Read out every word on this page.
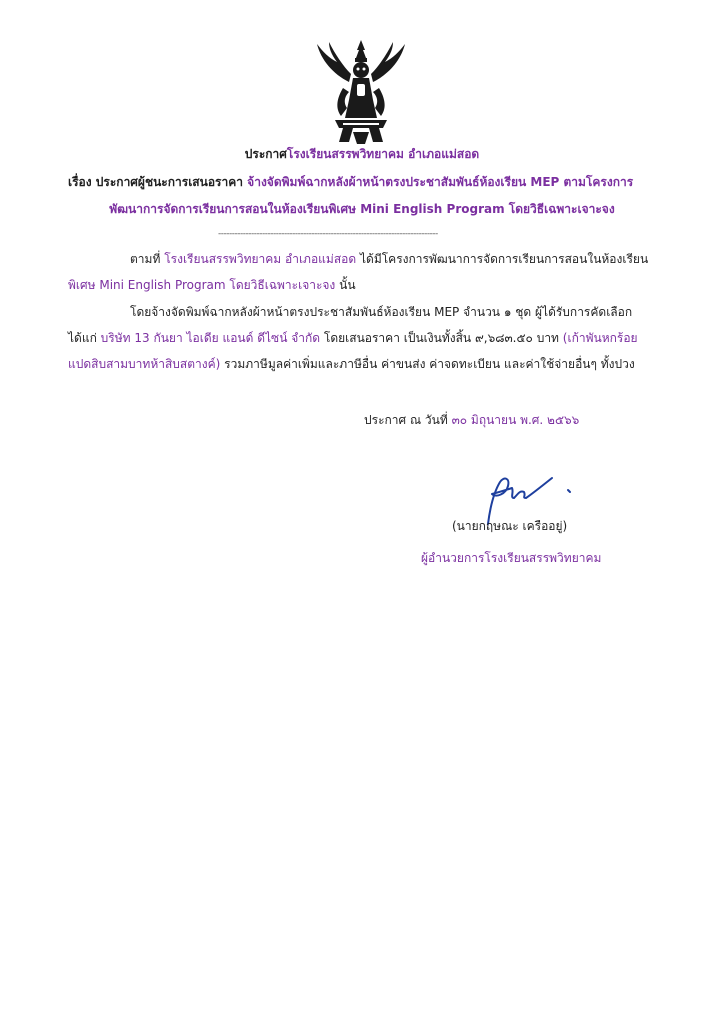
ประกาศโรงเรียนสรรพวิทยาคม อำเภอแม่สอด
เรื่อง ประกาศผู้ชนะการเสนอราคา จ้างจัดพิมพ์ฉากหลังผ้าหน้าตรงประชาสัมพันธ์ห้องเรียน MEP ตามโครงการ
พัฒนาการจัดการเรียนการสอนในห้องเรียนพิเศษ Mini English Program โดยวิธีเฉพาะเจาะจง
--------------------------------------------------------------------------------
ตามที่ โรงเรียนสรรพวิทยาคม อำเภอแม่สอด ได้มีโครงการพัฒนาการจัดการเรียนการสอนในห้องเรียน
พิเศษ Mini English Program โดยวิธีเฉพาะเจาะจง นั้น
โดยจ้างจัดพิมพ์ฉากหลังผ้าหน้าตรงประชาสัมพันธ์ห้องเรียน MEP จำนวน ๑ ชุด ผู้ได้รับการคัดเลือก
ได้แก่ บริษัท 13 กันยา ไอเดีย แอนด์ ดีไซน์ จำกัด โดยเสนอราคา เป็นเงินทั้งสิ้น ๙,๖๘๓.๕๐ บาท (เก้าพันหกร้อย
แปดสิบสามบาทห้าสิบสตางค์) รวมภาษีมูลค่าเพิ่มและภาษีอื่น ค่าขนส่ง ค่าจดทะเบียน และค่าใช้จ่ายอื่นๆ ทั้งปวง
ประกาศ ณ วันที่ ๓๐ มิถุนายน พ.ศ. ๒๕๖๖
(นายกฤษณะ เครืออยู่)
ผู้อำนวยการโรงเรียนสรรพวิทยาคม
